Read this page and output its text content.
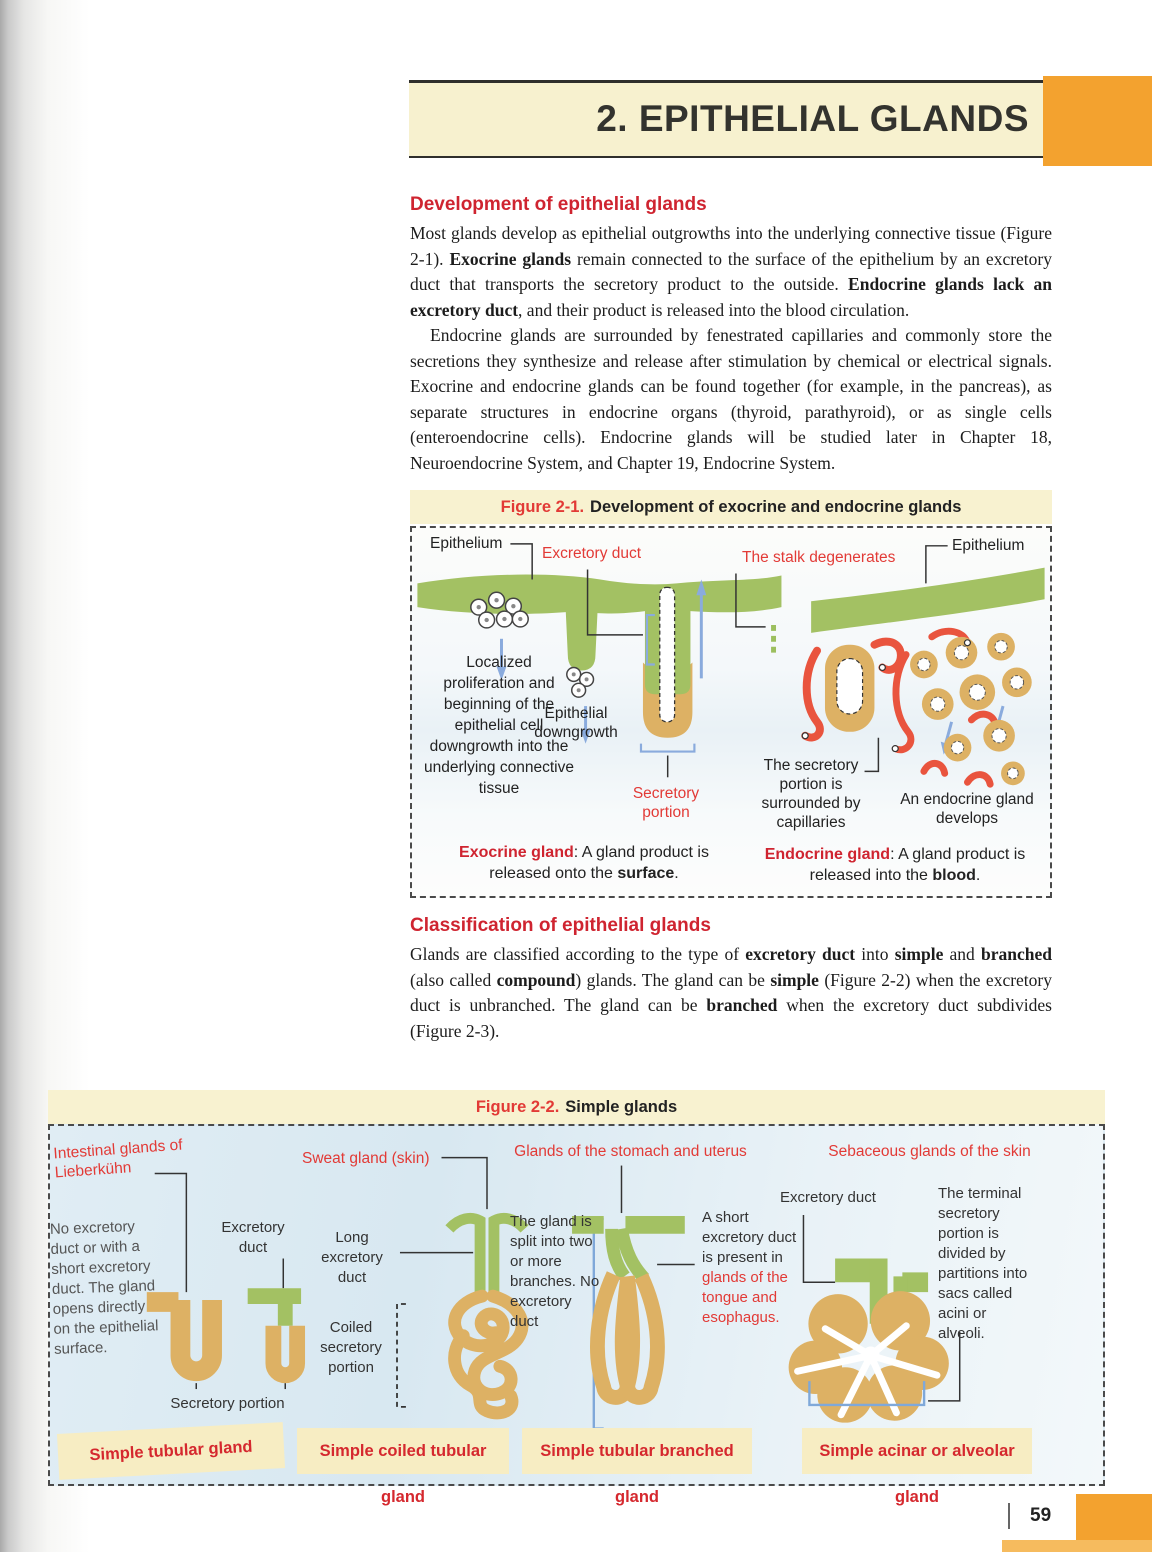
2. EPITHELIAL GLANDS
Development of epithelial glands

Most glands develop as epithelial outgrowths into the underlying connective tissue (Figure 2-1). Exocrine glands remain connected to the surface of the epithelium by an excretory duct that transports the secretory product to the outside. Endocrine glands lack an excretory duct, and their product is released into the blood circulation.

Endocrine glands are surrounded by fenestrated capillaries and commonly store the secretions they synthesize and release after stimulation by chemical or electrical signals. Exocrine and endocrine glands can be found together (for example, in the pancreas), as separate structures in endocrine organs (thyroid, parathyroid), or as single cells (enteroendocrine cells). Endocrine glands will be studied later in Chapter 18, Neuroendocrine System, and Chapter 19, Endocrine System.

Figure 2-1. Development of exocrine and endocrine glands
Epithelium
Excretory duct	The stalk degenerates
Epithelium
Localized proliferation and beginning of the epithelial cell downgrowth into the underlying connective tissue
Epithelial downgrowth
Secretory portion
The secretory portion is surrounded by capillaries
An endocrine gland develops
Exocrine gland: A gland product is released onto the surface.
Endocrine gland: A gland product is released into the blood.
Classification of epithelial glands

Glands are classified according to the type of excretory duct into simple and branched (also called compound) glands. The gland can be simple (Figure 2-2) when the excretory duct is unbranched. The gland can be branched when the excretory duct subdivides (Figure 2-3).

Figure 2-2. Simple glands
Intestinal glands of Lieberkühn
No excretory duct or with a short excretory duct. The gland opens directly on the epithelial surface.
Excretory duct
Secretory portion
Simple tubular gland
Sweat gland (skin)
Long excretory duct
Coiled secretory portion
Simple coiled tubular gland
Glands of the stomach and uterus
The gland is split into two or more branches. No excretory duct
A short excretory duct is present in glands of the tongue and esophagus.
Simple tubular branched gland
Sebaceous glands of the skin
Excretory duct	The terminal secretory portion is divided by partitions into sacs called acini or alveoli.
Simple acinar or alveolar gland
59
